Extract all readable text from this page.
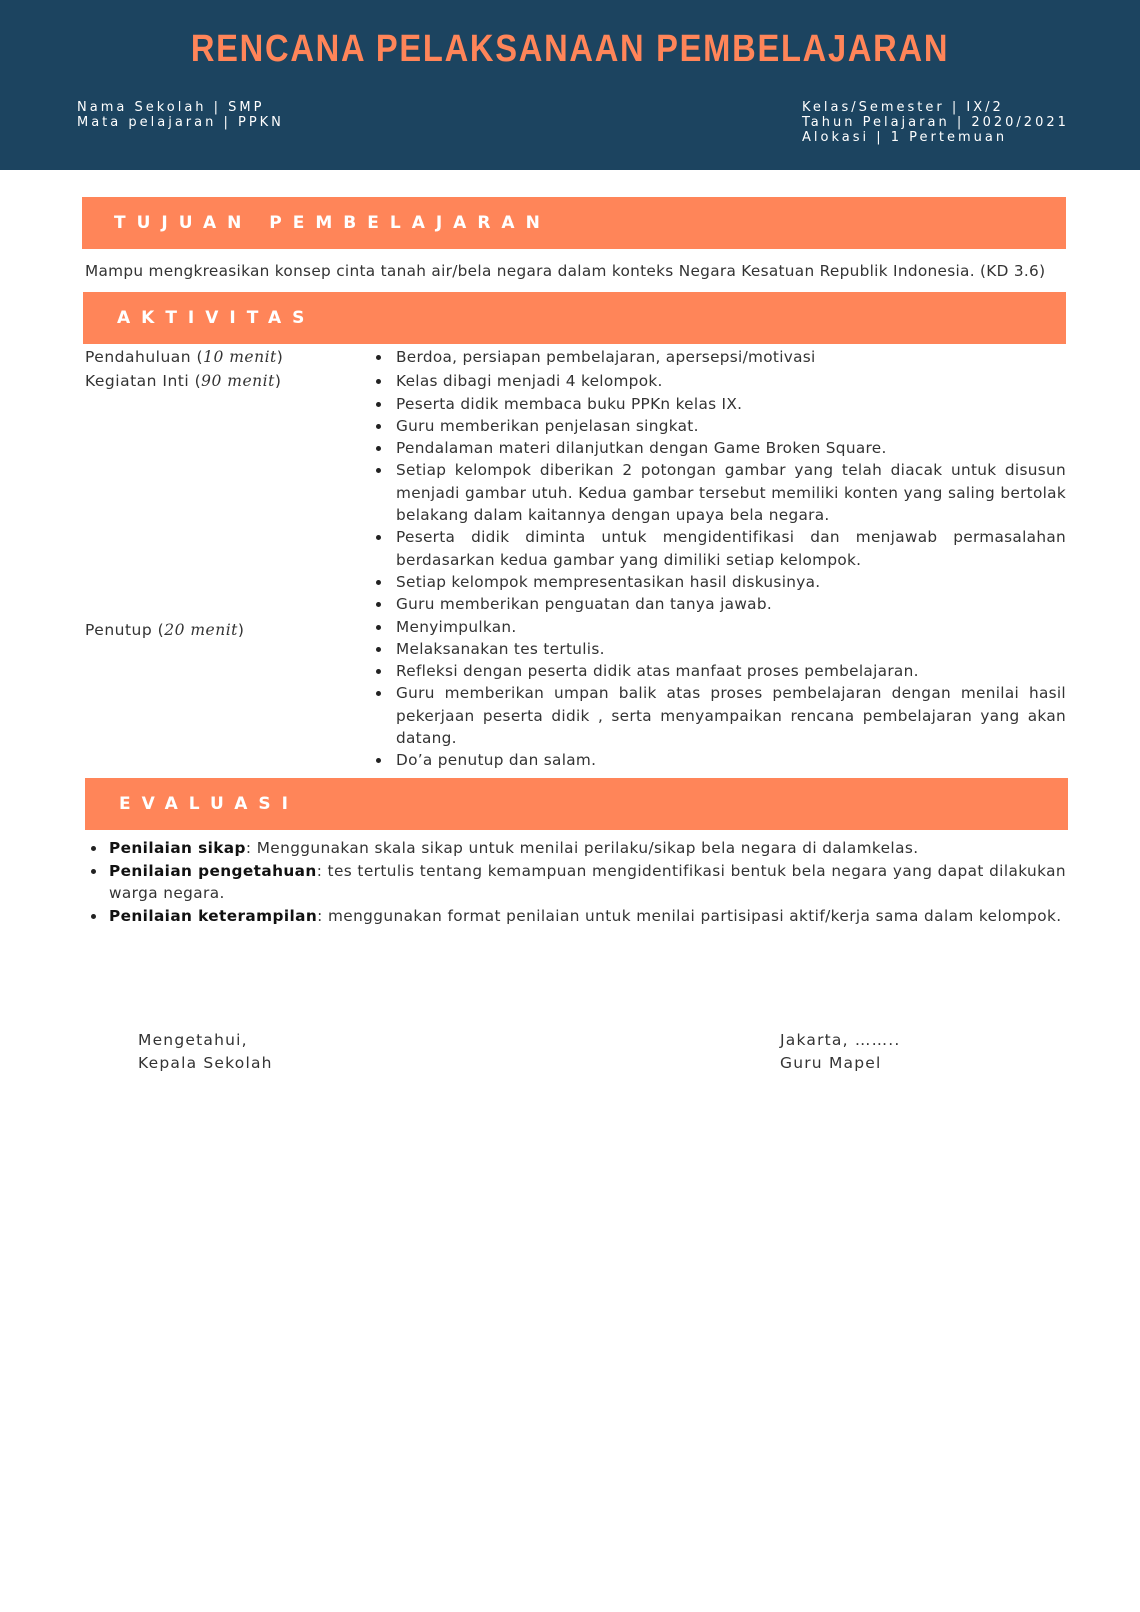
RENCANA PELAKSANAAN PEMBELAJARAN
Nama Sekolah | SMP
Mata pelajaran | PPKN
Kelas/Semester | IX/2
Tahun Pelajaran | 2020/2021
Alokasi | 1 Pertemuan
TUJUAN PEMBELAJARAN
Mampu mengkreasikan konsep cinta tanah air/bela negara dalam konteks Negara Kesatuan Republik Indonesia. (KD 3.6)
AKTIVITAS
Pendahuluan (10 menit)
Kegiatan Inti (90 menit)
Penutup (20 menit)
Berdoa, persiapan pembelajaran, apersepsi/motivasi
Kelas dibagi menjadi 4 kelompok.
Peserta didik membaca buku PPKn kelas IX.
Guru memberikan penjelasan singkat.
Pendalaman materi dilanjutkan dengan Game Broken Square.
Setiap kelompok diberikan 2 potongan gambar yang telah diacak untuk disusun menjadi gambar utuh. Kedua gambar tersebut memiliki konten yang saling bertolak belakang dalam kaitannya dengan upaya bela negara.
Peserta didik diminta untuk mengidentifikasi dan menjawab permasalahan berdasarkan kedua gambar yang dimiliki setiap kelompok.
Setiap kelompok mempresentasikan hasil diskusinya.
Guru memberikan penguatan dan tanya jawab.
Menyimpulkan.
Melaksanakan tes tertulis.
Refleksi dengan peserta didik atas manfaat proses pembelajaran.
Guru memberikan umpan balik atas proses pembelajaran dengan menilai hasil pekerjaan peserta didik , serta menyampaikan rencana pembelajaran yang akan datang.
Do’a penutup dan salam.
EVALUASI
Penilaian sikap: Menggunakan skala sikap untuk menilai perilaku/sikap bela negara di dalamkelas.
Penilaian pengetahuan: tes tertulis tentang kemampuan mengidentifikasi bentuk bela negara yang dapat dilakukan warga negara.
Penilaian keterampilan: menggunakan format penilaian untuk menilai partisipasi aktif/kerja sama dalam kelompok.
Mengetahui,
Kepala Sekolah
Jakarta, ……..
Guru Mapel
